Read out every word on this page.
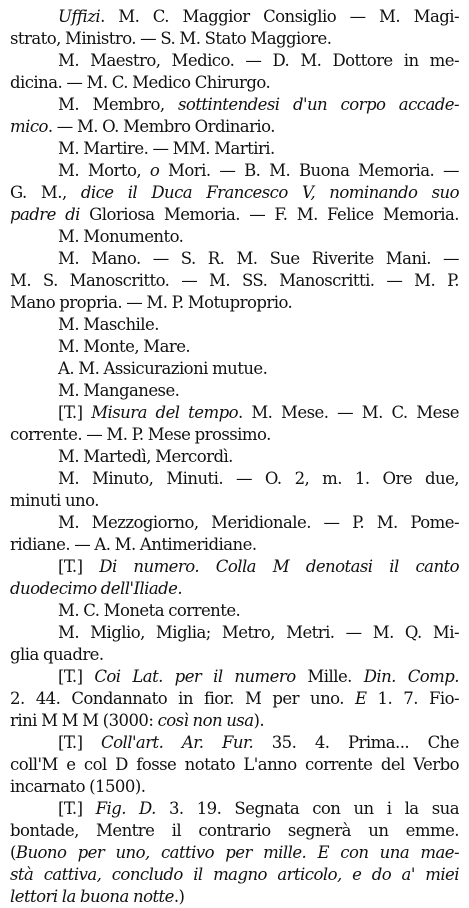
Uffizi. M. C. Maggior Consiglio — M. Magi-
strato, Ministro. — S. M. Stato Maggiore.
M. Maestro, Medico. — D. M. Dottore in me-
dicina. — M. C. Medico Chirurgo.
M. Membro, sottintendesi d'un corpo accade-
mico. — M. O. Membro Ordinario.
M. Martire. — MM. Martiri.
M. Morto, o Mori. — B. M. Buona Memoria. —
G. M., dice il Duca Francesco V, nominando suo
padre di Gloriosa Memoria. — F. M. Felice Memoria.
M. Monumento.
M. Mano. — S. R. M. Sue Riverite Mani. —
M. S. Manoscritto. — M. SS. Manoscritti. — M. P.
Mano propria. — M. P. Motuproprio.
M. Maschile.
M. Monte, Mare.
A. M. Assicurazioni mutue.
M. Manganese.
[T.] Misura del tempo. M. Mese. — M. C. Mese
corrente. — M. P. Mese prossimo.
M. Martedì, Mercordì.
M. Minuto, Minuti. — O. 2, m. 1. Ore due,
minuti uno.
M. Mezzogiorno, Meridionale. — P. M. Pome-
ridiane. — A. M. Antimeridiane.
[T.] Di numero. Colla M denotasi il canto
duodecimo dell'Iliade.
M. C. Moneta corrente.
M. Miglio, Miglia; Metro, Metri. — M. Q. Mi-
glia quadre.
[T.] Coi Lat. per il numero Mille. Din. Comp.
2. 44. Condannato in fior. M per uno. E 1. 7. Fio-
rini M M M (3000: così non usa).
[T.] Coll'art. Ar. Fur. 35. 4. Prima... Che
coll'M e col D fosse notato L'anno corrente del Verbo
incarnato (1500).
[T.] Fig. D. 3. 19. Segnata con un i la sua
bontade, Mentre il contrario segnerà un emme.
(Buono per uno, cattivo per mille. E con una mae-
stà cattiva, concludo il magno articolo, e do a' miei
lettori la buona notte.)
